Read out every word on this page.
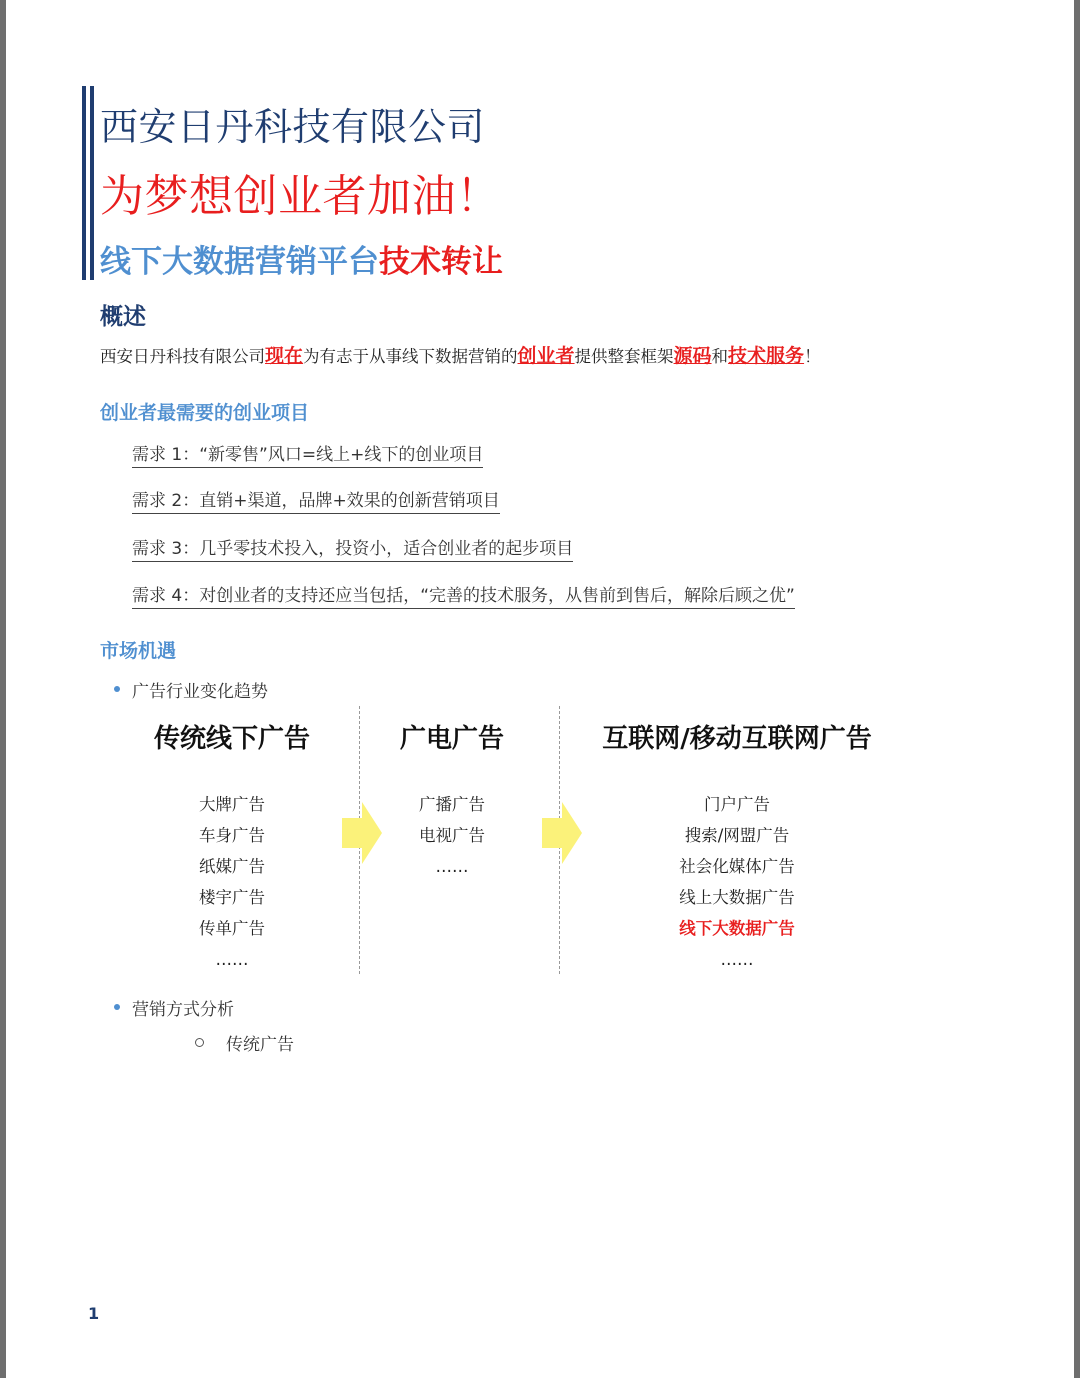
西安日丹科技有限公司
为梦想创业者加油！
线下大数据营销平台技术转让
概述
西安日丹科技有限公司现在为有志于从事线下数据营销的创业者提供整套框架源码和技术服务！
创业者最需要的创业项目
需求 1：“新零售”风口=线上+线下的创业项目
需求 2：直销+渠道，品牌+效果的创新营销项目
需求 3：几乎零技术投入，投资小，适合创业者的起步项目
需求 4：对创业者的支持还应当包括，“完善的技术服务，从售前到售后，解除后顾之优”
市场机遇
广告行业变化趋势
传统线下广告	广电广告	互联网/移动互联网广告
大牌广告
车身广告
纸媒广告
楼宇广告
传单广告
……
广播广告
电视广告
……
门户广告
搜索/网盟广告
社会化媒体广告
线上大数据广告
线下大数据广告
……
营销方式分析
传统广告
1
